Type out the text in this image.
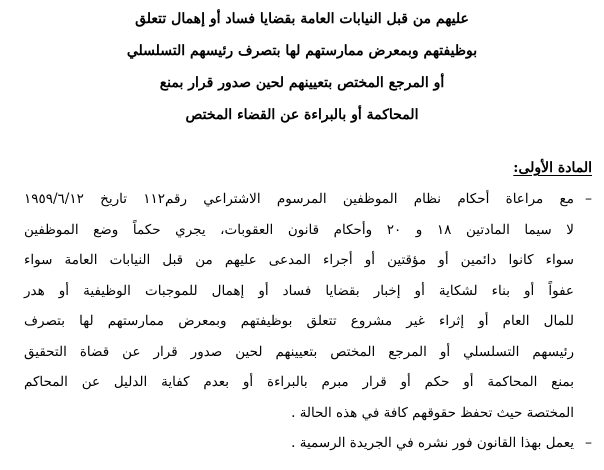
عليهم من قبل النيابات العامة بقضايا فساد أو إهمال تتعلق
بوظيفتهم وبمعرض ممارستهم لها بتصرف رئيسهم التسلسلي
أو المرجع المختص بتعيينهم لحين صدور قرار بمنع
المحاكمة أو بالبراءة عن القضاء المختص
المادة الأولى:
–
مع مراعاة أحكام نظام الموظفين المرسوم الاشتراعي رقم١١٢ تاريخ ١٩٥٩/٦/١٢
لا سيما المادتين ١٨ و ٢٠ وأحكام قانون العقوبات، يجري حكماً وضع الموظفين
سواء كانوا دائمين أو مؤقتين أو أجراء المدعى عليهم من قبل النيابات العامة سواء
عفواً أو بناء لشكاية أو إخبار بقضايا فساد أو إهمال للموجبات الوظيفية أو هدر
للمال العام أو إثراء غير مشروع تتعلق بوظيفتهم وبمعرض ممارستهم لها بتصرف
رئيسهم التسلسلي أو المرجع المختص بتعيينهم لحين صدور قرار عن قضاة التحقيق
بمنع المحاكمة أو حكم أو قرار مبرم بالبراءة أو بعدم كفاية الدليل عن المحاكم
المختصة حيث تحفظ حقوقهم كافة في هذه الحالة .
–
يعمل بهذا القانون فور نشره في الجريدة الرسمية .
